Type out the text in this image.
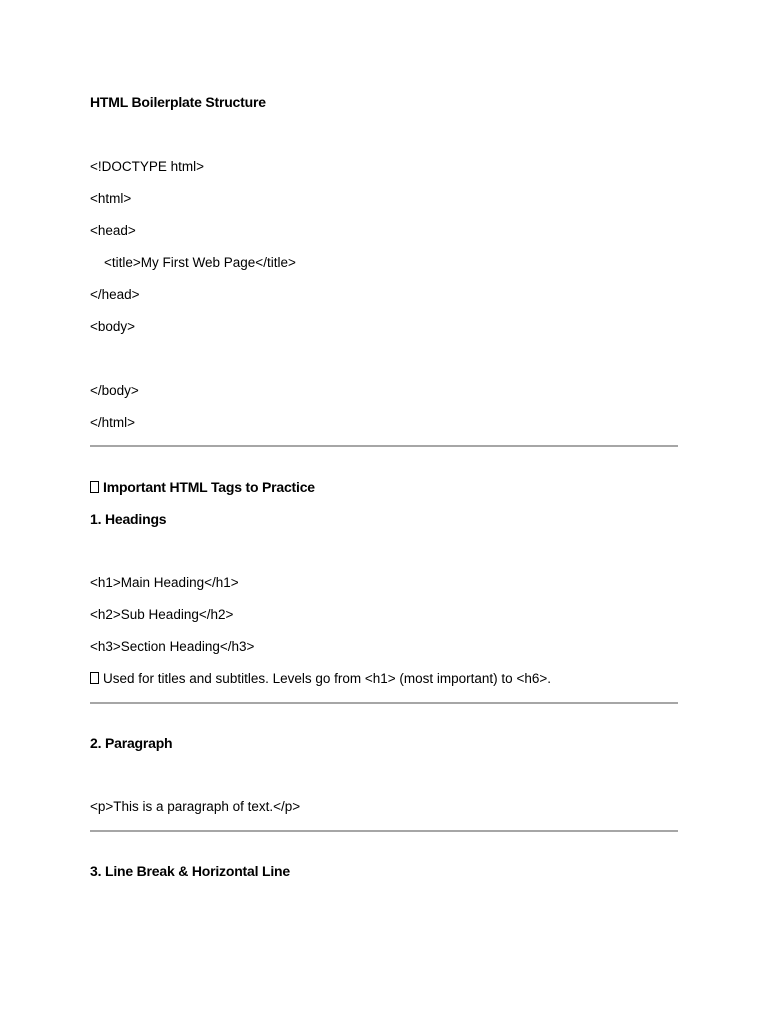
HTML Boilerplate Structure
<!DOCTYPE html>
<html>
<head>
<title>My First Web Page</title>
</head>
<body>
</body>
</html>
Important HTML Tags to Practice
1. Headings
<h1>Main Heading</h1>
<h2>Sub Heading</h2>
<h3>Section Heading</h3>
Used for titles and subtitles. Levels go from <h1> (most important) to <h6>.
2. Paragraph
<p>This is a paragraph of text.</p>
3. Line Break & Horizontal Line
